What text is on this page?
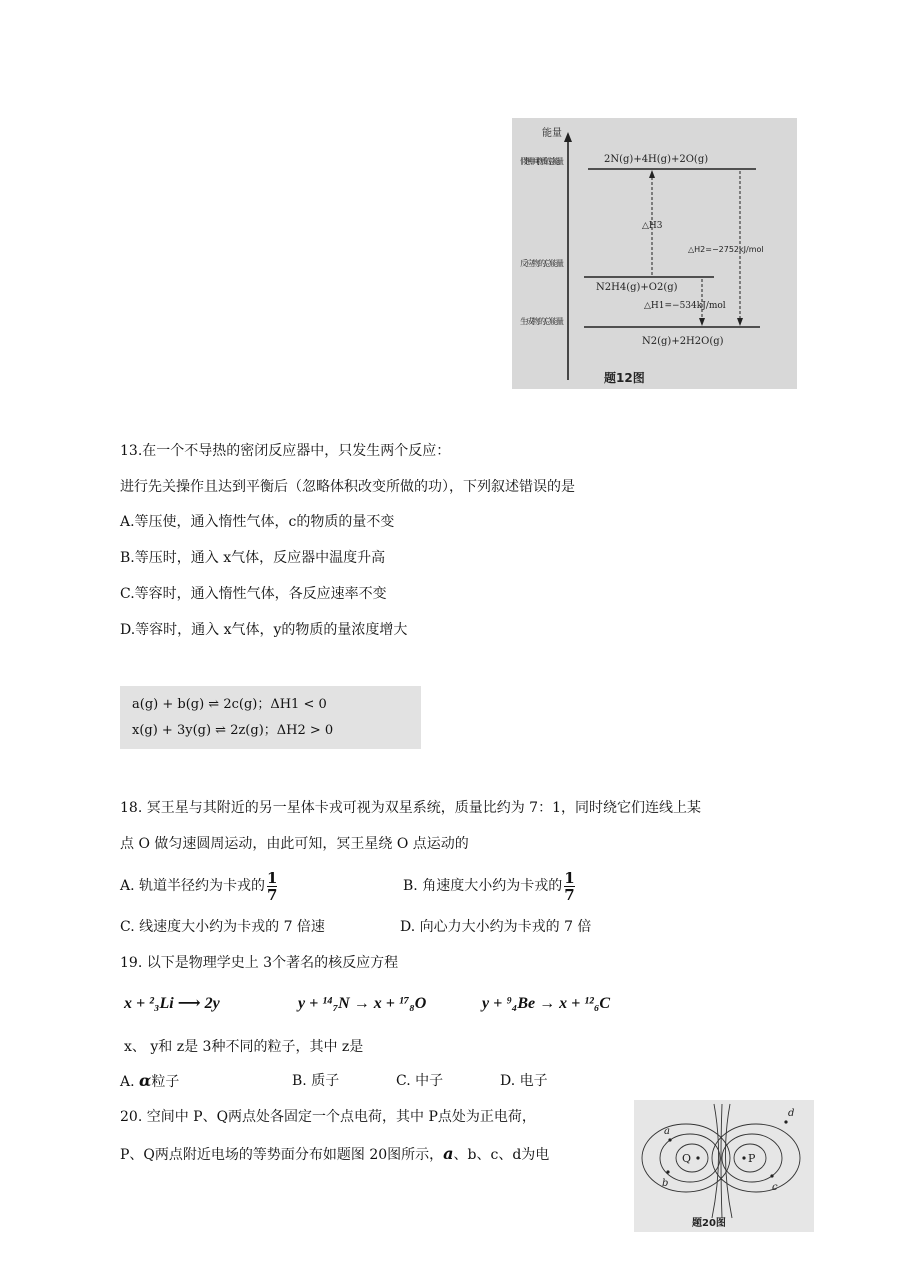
能量
假想中间物质的总能量
反应物的总能量
生成物的总能量
2N(g)+4H(g)+2O(g)
N2H4(g)+O2(g)
N2(g)+2H2O(g)
△H3
△H2=−2752kJ/mol
△H1=−534kJ/mol
题12图
13.在一个不导热的密闭反应器中，只发生两个反应：
进行先关操作且达到平衡后（忽略体积改变所做的功），下列叙述错误的是
A.等压使，通入惰性气体，c的物质的量不变
B.等压时，通入 x气体，反应器中温度升高
C.等容时，通入惰性气体，各反应速率不变
D.等容时，通入 x气体，y的物质的量浓度增大
a(g) + b(g) ⇌ 2c(g)；ΔH1 < 0
x(g) + 3y(g) ⇌ 2z(g)；ΔH2 > 0
18. 冥王星与其附近的另一星体卡戎可视为双星系统，质量比约为 7：1，同时绕它们连线上某
点 O 做匀速圆周运动，由此可知，冥王星绕 O 点运动的
A. 轨道半径约为卡戎的 $\frac{1}{7}$	B. 角速度大小约为卡戎的 $\frac{1}{7}$
C. 线速度大小约为卡戎的 7 倍速	D. 向心力大小约为卡戎的 7 倍
19. 以下是物理学史上 3个著名的核反应方程
x + ²₃Li ⟶ 2y	y + ¹⁴₇N → x + ¹⁷₈O	y + ⁹₄Be → x + ¹²₆C
x、 y和 z是 3种不同的粒子，其中 z是
A. α粒子	B. 质子	C. 中子	D. 电子
20. 空间中 P、Q两点处各固定一个点电荷，其中 P点处为正电荷，
P、Q两点附近电场的等势面分布如题图 20图所示，a、b、c、d为电	Q	P
a
b	c
d
题20图
